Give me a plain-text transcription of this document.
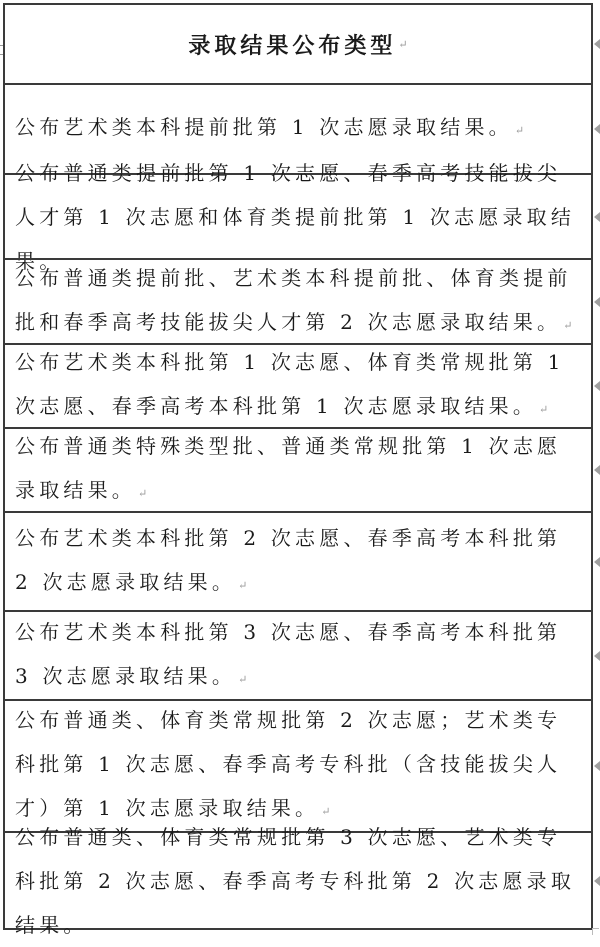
录取结果公布类型 ↵
公布艺术类本科提前批第 1 次志愿录取结果。 ↵
公布普通类提前批第 1 次志愿、春季高考技能拔尖人才第 1 次志愿和体育类提前批第 1 次志愿录取结果。
公布普通类提前批、艺术类本科提前批、体育类提前批和春季高考技能拔尖人才第 2 次志愿录取结果。 ↵
公布艺术类本科批第 1 次志愿、体育类常规批第 1 次志愿、春季高考本科批第 1 次志愿录取结果。 ↵
公布普通类特殊类型批、普通类常规批第 1 次志愿录取结果。 ↵
公布艺术类本科批第 2 次志愿、春季高考本科批第 2 次志愿录取结果。 ↵
公布艺术类本科批第 3 次志愿、春季高考本科批第 3 次志愿录取结果。 ↵
公布普通类、体育类常规批第 2 次志愿；艺术类专科批第 1 次志愿、春季高考专科批（含技能拔尖人才）第 1 次志愿录取结果。 ↵
公布普通类、体育类常规批第 3 次志愿、艺术类专科批第 2 次志愿、春季高考专科批第 2 次志愿录取结果。
